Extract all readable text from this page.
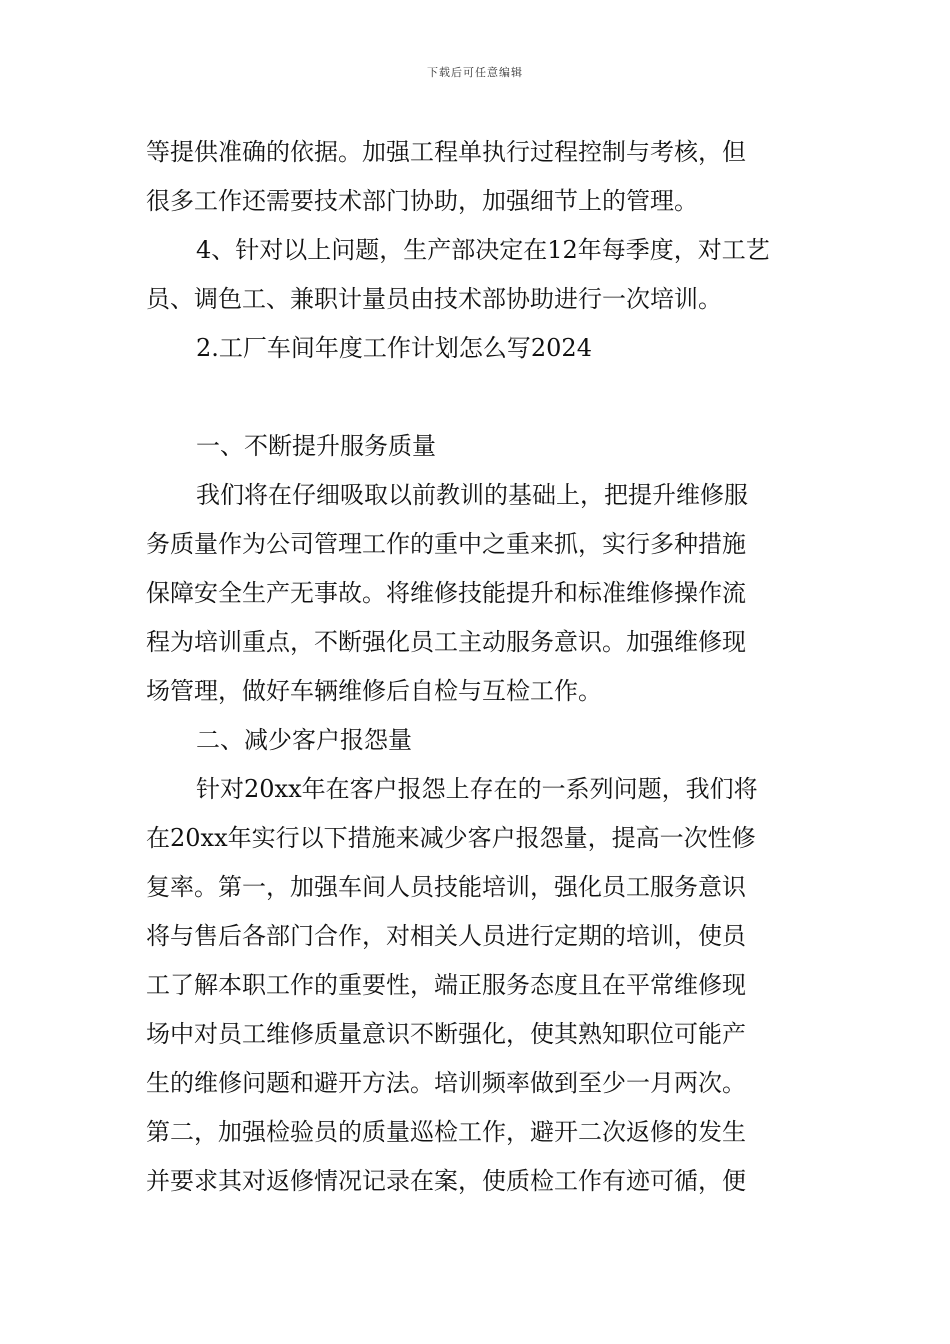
下载后可任意编辑
等提供准确的依据。加强工程单执行过程控制与考核，但
很多工作还需要技术部门协助，加强细节上的管理。
4、针对以上问题，生产部决定在12年每季度，对工艺
员、调色工、兼职计量员由技术部协助进行一次培训。
2.工厂车间年度工作计划怎么写2024
一、不断提升服务质量
我们将在仔细吸取以前教训的基础上，把提升维修服
务质量作为公司管理工作的重中之重来抓，实行多种措施
保障安全生产无事故。将维修技能提升和标准维修操作流
程为培训重点，不断强化员工主动服务意识。加强维修现
场管理，做好车辆维修后自检与互检工作。
二、减少客户报怨量
针对20xx年在客户报怨上存在的一系列问题，我们将
在20xx年实行以下措施来减少客户报怨量，提高一次性修
复率。第一，加强车间人员技能培训，强化员工服务意识
将与售后各部门合作，对相关人员进行定期的培训，使员
工了解本职工作的重要性，端正服务态度且在平常维修现
场中对员工维修质量意识不断强化，使其熟知职位可能产
生的维修问题和避开方法。培训频率做到至少一月两次。
第二，加强检验员的质量巡检工作，避开二次返修的发生
并要求其对返修情况记录在案，使质检工作有迹可循，便
